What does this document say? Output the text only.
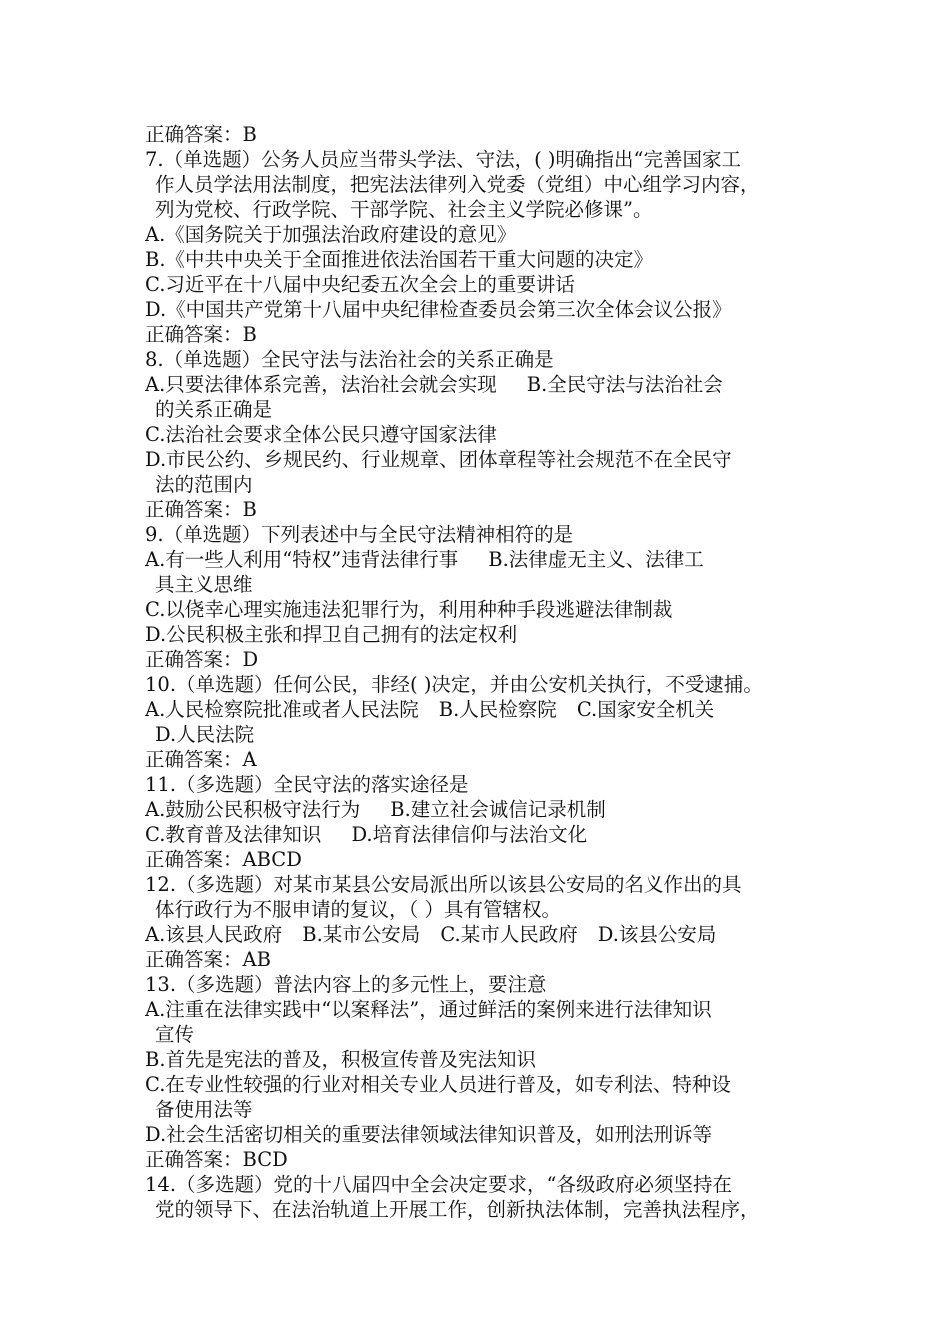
正确答案：B
7.（单选题）公务人员应当带头学法、守法，( )明确指出“完善国家工
作人员学法用法制度，把宪法法律列入党委（党组）中心组学习内容，
列为党校、行政学院、干部学院、社会主义学院必修课”。
A.《国务院关于加强法治政府建设的意见》
B.《中共中央关于全面推进依法治国若干重大问题的决定》
C.习近平在十八届中央纪委五次全会上的重要讲话
D.《中国共产党第十八届中央纪律检查委员会第三次全体会议公报》
正确答案：B
8.（单选题）全民守法与法治社会的关系正确是
A.只要法律体系完善，法治社会就会实现 B.全民守法与法治社会
的关系正确是
C.法治社会要求全体公民只遵守国家法律
D.市民公约、乡规民约、行业规章、团体章程等社会规范不在全民守
法的范围内
正确答案：B
9.（单选题）下列表述中与全民守法精神相符的是
A.有一些人利用“特权”违背法律行事 B.法律虚无主义、法律工
具主义思维
C.以侥幸心理实施违法犯罪行为，利用种种手段逃避法律制裁
D.公民积极主张和捍卫自己拥有的法定权利
正确答案：D
10.（单选题）任何公民，非经( )决定，并由公安机关执行，不受逮捕。
A.人民检察院批准或者人民法院 B.人民检察院 C.国家安全机关
D.人民法院
正确答案：A
11.（多选题）全民守法的落实途径是
A.鼓励公民积极守法行为 B.建立社会诚信记录机制
C.教育普及法律知识 D.培育法律信仰与法治文化
正确答案：ABCD
12.（多选题）对某市某县公安局派出所以该县公安局的名义作出的具
体行政行为不服申请的复议，（ ）具有管辖权。
A.该县人民政府 B.某市公安局 C.某市人民政府 D.该县公安局
正确答案：AB
13.（多选题）普法内容上的多元性上，要注意
A.注重在法律实践中“以案释法”，通过鲜活的案例来进行法律知识
宣传
B.首先是宪法的普及，积极宣传普及宪法知识
C.在专业性较强的行业对相关专业人员进行普及，如专利法、特种设
备使用法等
D.社会生活密切相关的重要法律领域法律知识普及，如刑法刑诉等
正确答案：BCD
14.（多选题）党的十八届四中全会决定要求，“各级政府必须坚持在
党的领导下、在法治轨道上开展工作，创新执法体制，完善执法程序，
